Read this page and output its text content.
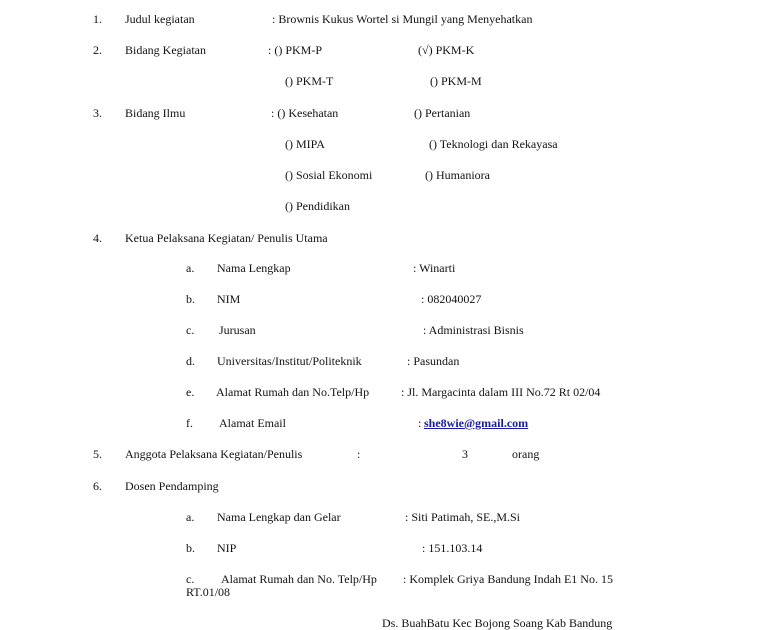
1. Judul kegiatan	: Brownis Kukus Wortel si Mungil yang Menyehatkan
2. Bidang Kegiatan	: () PKM-P	(√) PKM-K
() PKM-T	() PKM-M
3. Bidang Ilmu	: () Kesehatan	() Pertanian
() MIPA	() Teknologi dan Rekayasa
() Sosial Ekonomi	() Humaniora
() Pendidikan
4. Ketua Pelaksana Kegiatan/ Penulis Utama
a. Nama Lengkap	: Winarti
b. NIM	: 082040027
c. Jurusan	: Administrasi Bisnis
d. Universitas/Institut/Politeknik	: Pasundan
e. Alamat Rumah dan No.Telp/Hp	: Jl. Margacinta dalam III No.72 Rt 02/04
f. Alamat Email	: she8wie@gmail.com
5. Anggota Pelaksana Kegiatan/Penulis	:	3	orang
6. Dosen Pendamping
a. Nama Lengkap dan Gelar	: Siti Patimah, SE.,M.Si
b. NIP	: 151.103.14
c. Alamat Rumah dan No. Telp/Hp : Komplek Griya Bandung Indah E1 No. 15
RT.01/08
Ds. BuahBatu Kec Bojong Soang Kab Bandung
